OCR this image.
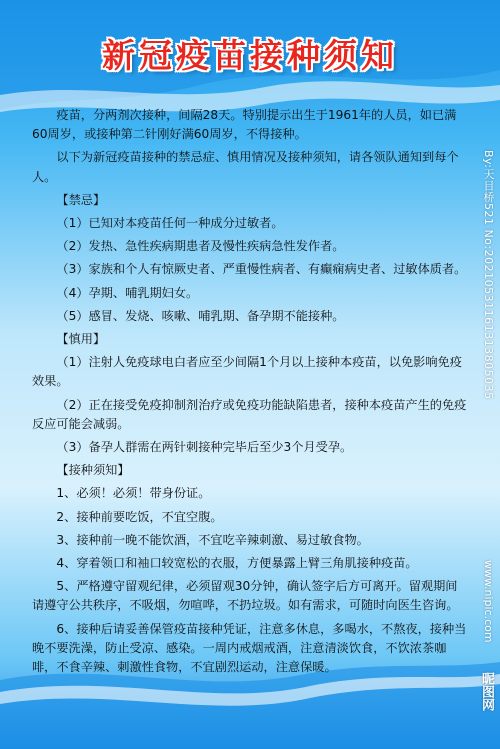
新冠疫苗接种须知

疫苗，分两剂次接种，间隔28天。特别提示出生于1961年的人员，如已满60周岁，或接种第二针刚好满60周岁，不得接种。

以下为新冠疫苗接种的禁忌症、慎用情况及接种须知，请各领队通知到每个人。

【禁忌】

（1）已知对本疫苗任何一种成分过敏者。

（2）发热、急性疾病期患者及慢性疾病急性发作者。

（3）家族和个人有惊厥史者、严重慢性病者、有癫痫病史者、过敏体质者。

（4）孕期、哺乳期妇女。

（5）感冒、发烧、咳嗽、哺乳期、备孕期不能接种。

【慎用】

（1）注射人免疫球电白者应至少间隔1个月以上接种本疫苗，以免影响免疫效果。

（2）正在接受免疫抑制剂治疗或免疫功能缺陷患者，接种本疫苗产生的免疫反应可能会减弱。

（3）备孕人群需在两针刺接种完毕后至少3个月受孕。

【接种须知】

1、必须！必须！带身份证。

2、接种前要吃饭，不宜空腹。

3、接种前一晚不能饮酒，不宜吃辛辣刺激、易过敏食物。

4、穿着领口和袖口较宽松的衣服，方便暴露上臂三角肌接种疫苗。

5、严格遵守留观纪律，必须留观30分钟，确认签字后方可离开。留观期间请遵守公共秩序，不吸烟，勿喧哗，不扔垃圾。如有需求，可随时向医生咨询。

6、接种后请妥善保管疫苗接种凭证，注意多休息，多喝水，不熬夜，接种当晚不要洗澡，防止受凉、感染。一周内戒烟戒酒，注意清淡饮食，不饮浓茶咖啡，不食辛辣、刺激性食物，不宜剧烈运动，注意保暖。

By:天目桥521 No:20210531161313805035
www.nipic.com
昵图网
